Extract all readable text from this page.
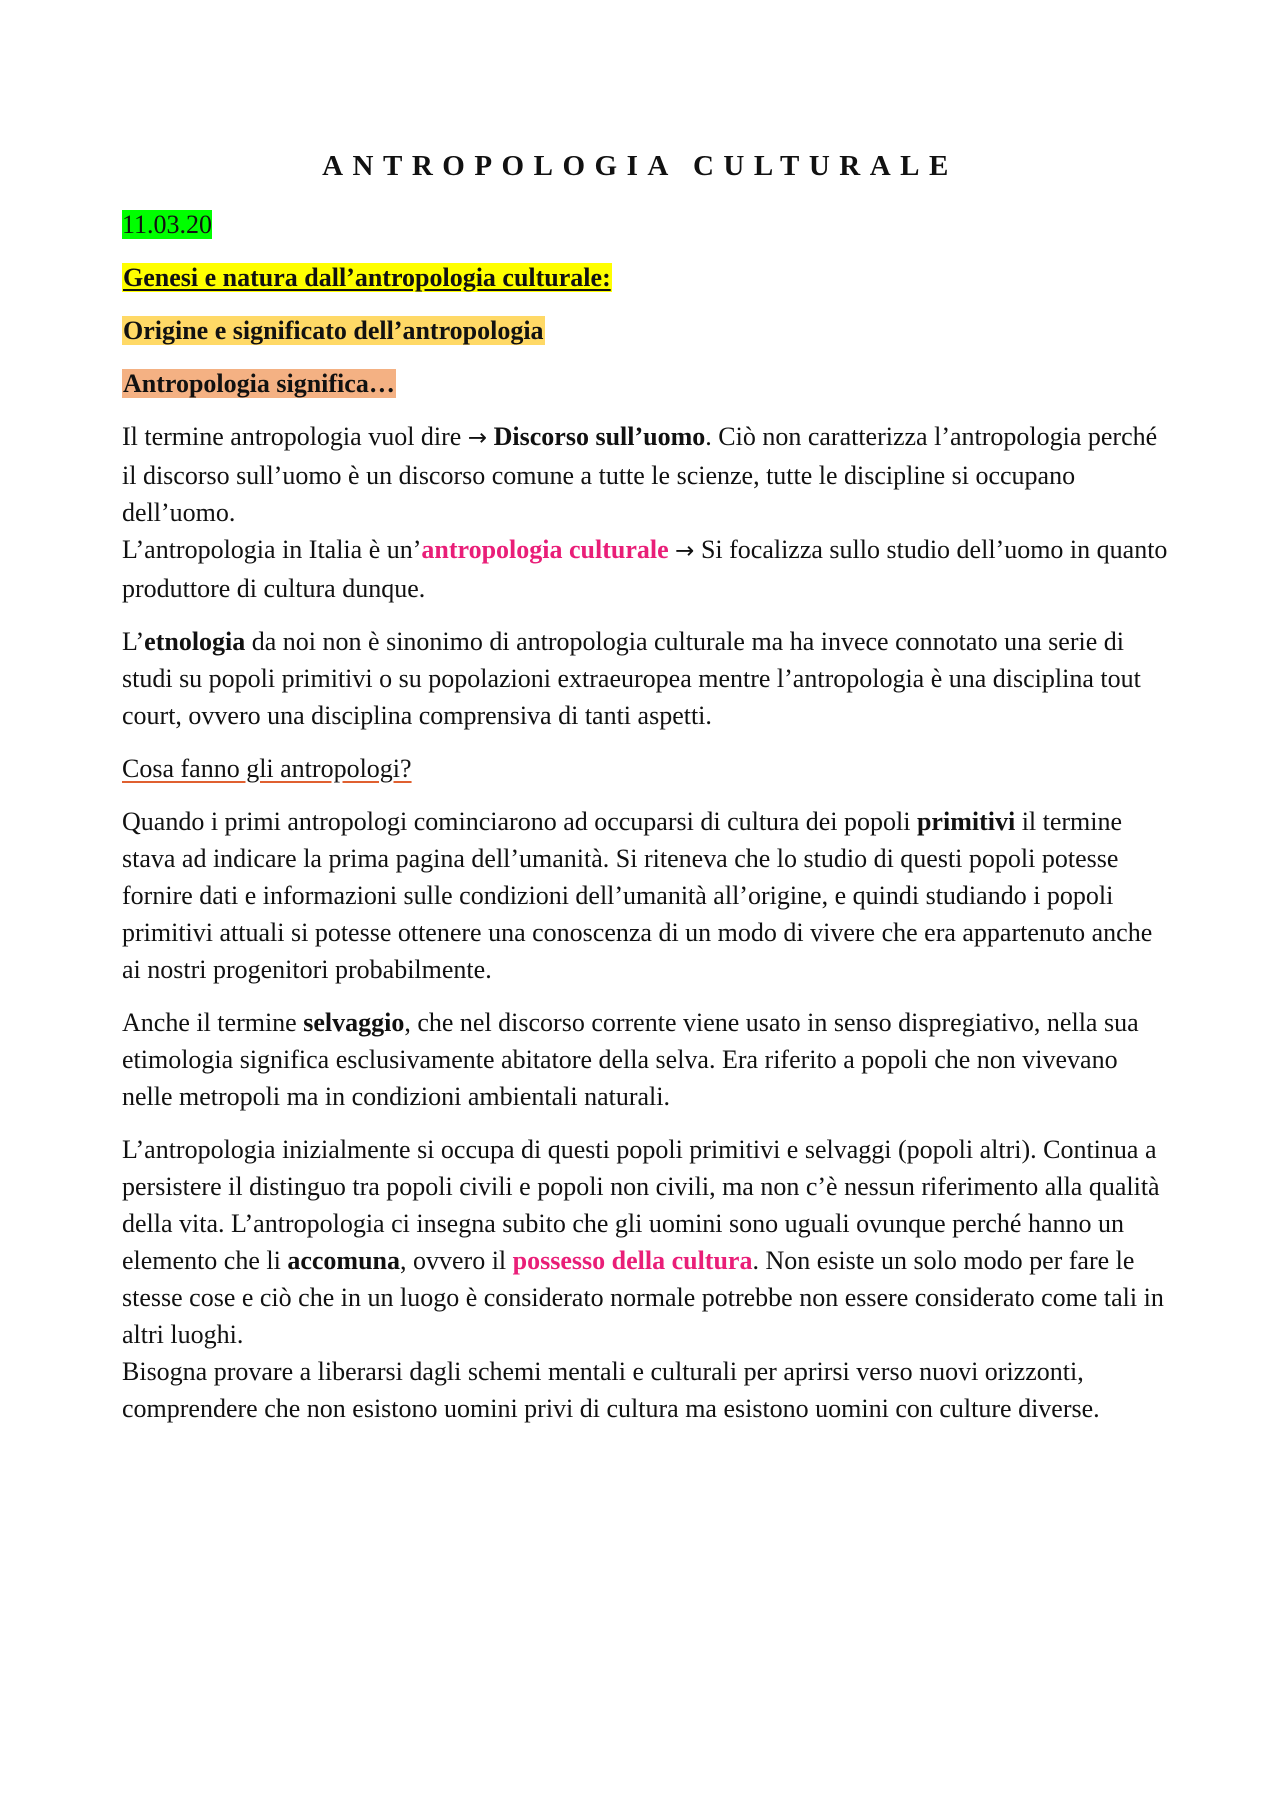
ANTROPOLOGIA CULTURALE

11.03.20

Genesi e natura dall’antropologia culturale:

Origine e significato dell’antropologia

Antropologia significa…

Il termine antropologia vuol dire → Discorso sull’uomo. Ciò non caratterizza l’antropologia perché il discorso sull’uomo è un discorso comune a tutte le scienze, tutte le discipline si occupano dell’uomo.

L’antropologia in Italia è un’antropologia culturale → Si focalizza sullo studio dell’uomo in quanto produttore di cultura dunque.

L’etnologia da noi non è sinonimo di antropologia culturale ma ha invece connotato una serie di studi su popoli primitivi o su popolazioni extraeuropea mentre l’antropologia è una disciplina tout court, ovvero una disciplina comprensiva di tanti aspetti.

Cosa fanno gli antropologi?

Quando i primi antropologi cominciarono ad occuparsi di cultura dei popoli primitivi il termine stava ad indicare la prima pagina dell’umanità. Si riteneva che lo studio di questi popoli potesse fornire dati e informazioni sulle condizioni dell’umanità all’origine, e quindi studiando i popoli primitivi attuali si potesse ottenere una conoscenza di un modo di vivere che era appartenuto anche ai nostri progenitori probabilmente.

Anche il termine selvaggio, che nel discorso corrente viene usato in senso dispregiativo, nella sua etimologia significa esclusivamente abitatore della selva. Era riferito a popoli che non vivevano nelle metropoli ma in condizioni ambientali naturali.

L’antropologia inizialmente si occupa di questi popoli primitivi e selvaggi (popoli altri). Continua a persistere il distinguo tra popoli civili e popoli non civili, ma non c’è nessun riferimento alla qualità della vita. L’antropologia ci insegna subito che gli uomini sono uguali ovunque perché hanno un elemento che li accomuna, ovvero il possesso della cultura. Non esiste un solo modo per fare le stesse cose e ciò che in un luogo è considerato normale potrebbe non essere considerato come tali in altri luoghi.

Bisogna provare a liberarsi dagli schemi mentali e culturali per aprirsi verso nuovi orizzonti, comprendere che non esistono uomini privi di cultura ma esistono uomini con culture diverse.
